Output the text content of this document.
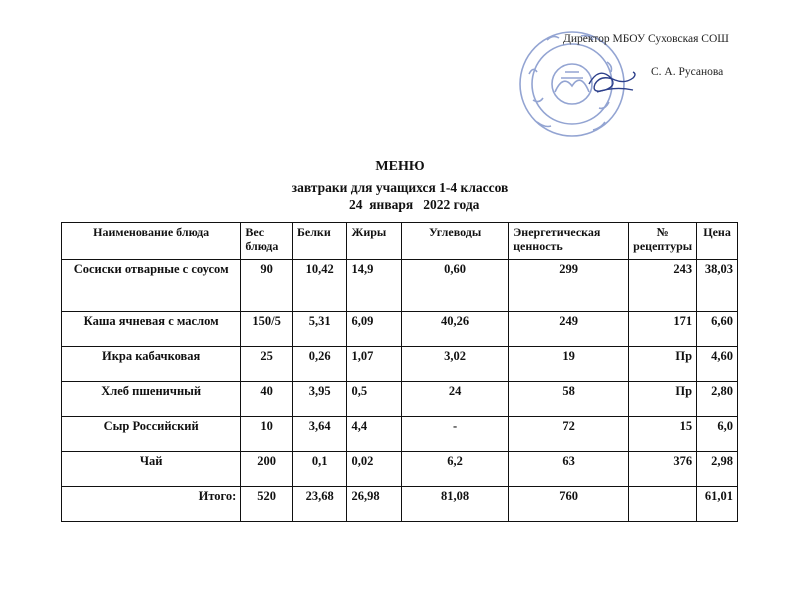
Директор МБОУ Суховская СОШ
С. А. Русанова
МЕНЮ
завтраки для учащихся 1-4 классов
24  января   2022 года
Наименование блюда	Вес блюда	Белки	Жиры	Углеводы	Энергетическая ценность	№ рецептуры	Цена
Сосиски отварные с соусом	90	10,42	14,9	0,60	299	243	38,03
Каша ячневая с маслом	150/5	5,31	6,09	40,26	249	171	6,60
Икра кабачковая	25	0,26	1,07	3,02	19	Пр	4,60
Хлеб пшеничный	40	3,95	0,5	24	58	Пр	2,80
Сыр Российский	10	3,64	4,4	-	72	15	6,0
Чай	200	0,1	0,02	6,2	63	376	2,98
Итого:	520	23,68	26,98	81,08	760		61,01
